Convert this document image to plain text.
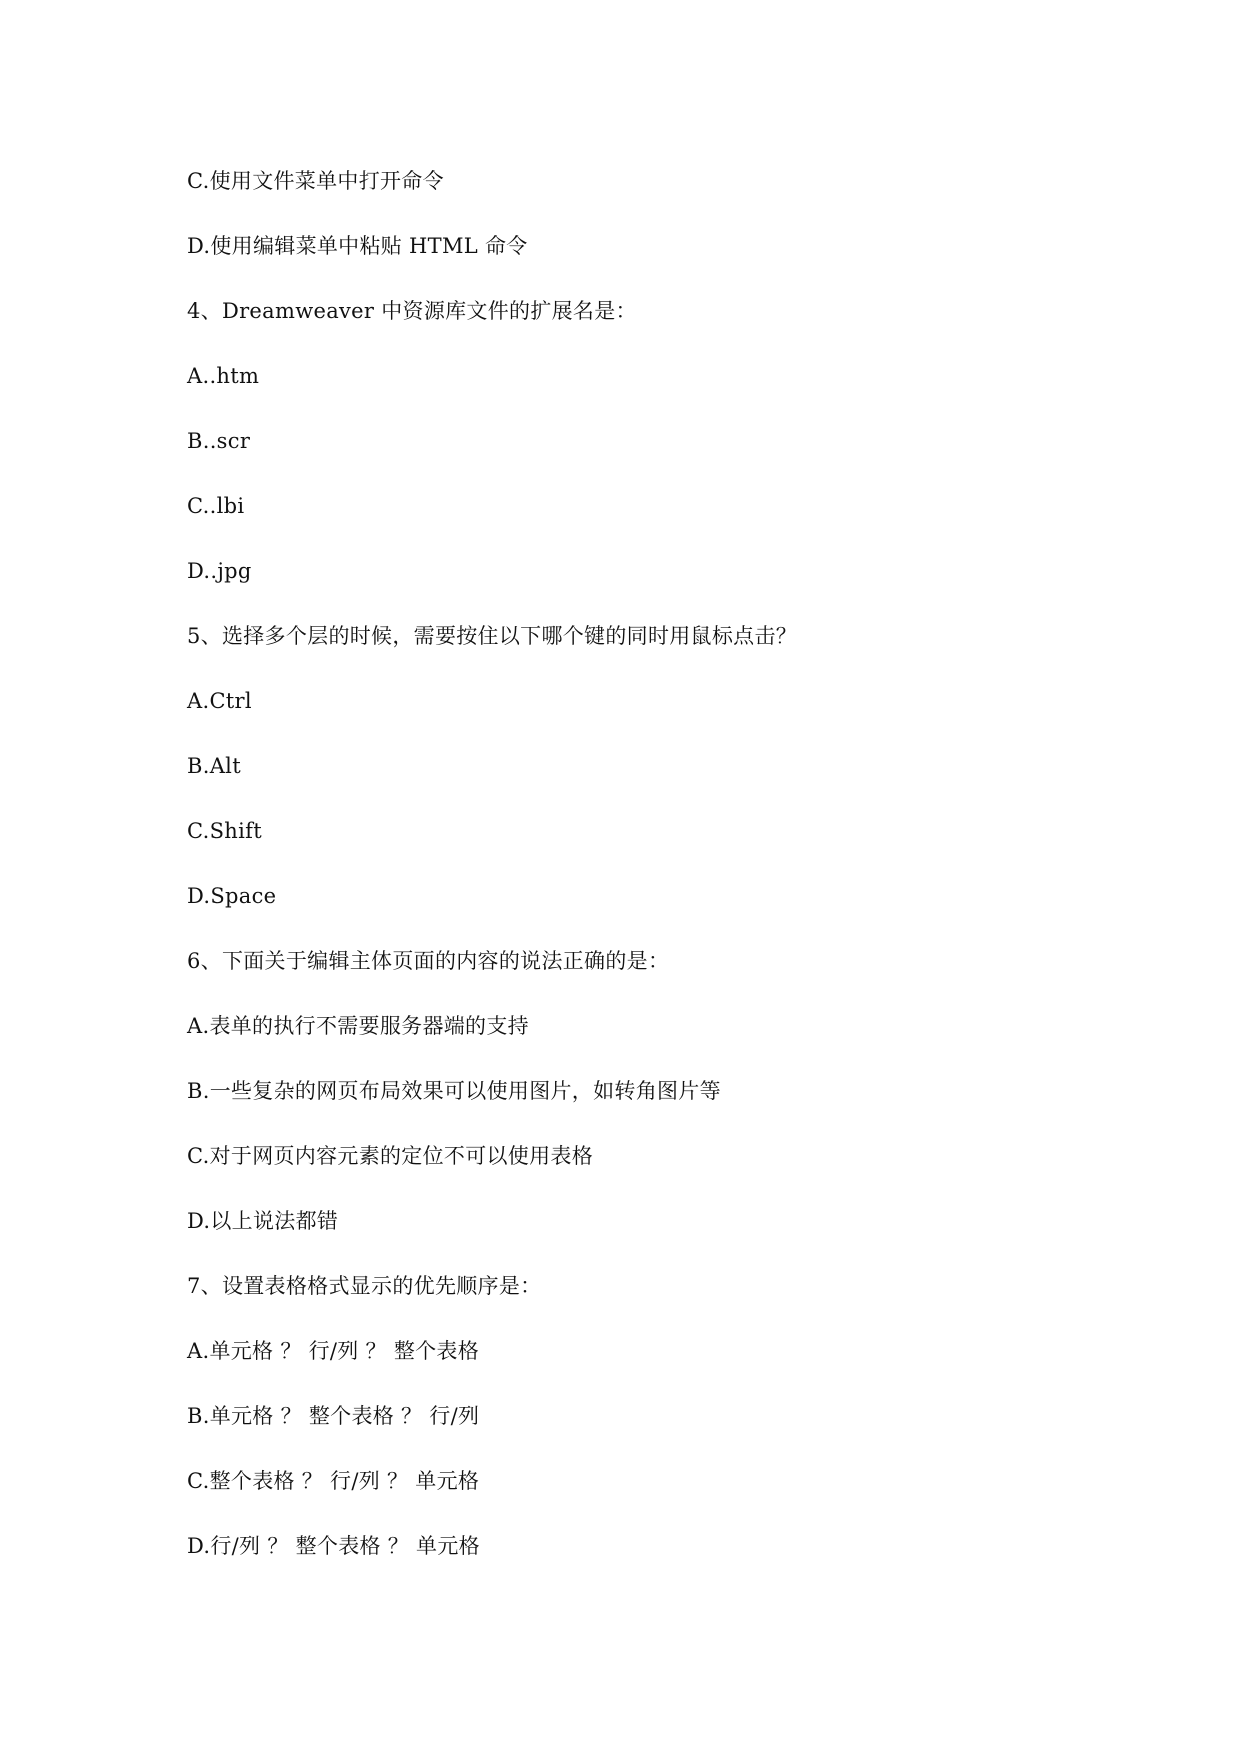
C.使用文件菜单中打开命令
D.使用编辑菜单中粘贴 HTML 命令
4、Dreamweaver 中资源库文件的扩展名是：
A..htm
B..scr
C..lbi
D..jpg
5、选择多个层的时候，需要按住以下哪个键的同时用鼠标点击？
A.Ctrl
B.Alt
C.Shift
D.Space
6、下面关于编辑主体页面的内容的说法正确的是：
A.表单的执行不需要服务器端的支持
B.一些复杂的网页布局效果可以使用图片，如转角图片等
C.对于网页内容元素的定位不可以使用表格
D.以上说法都错
7、设置表格格式显示的优先顺序是：
A.单元格 ？ 行/列 ？ 整个表格
B.单元格 ？ 整个表格 ？ 行/列
C.整个表格 ？ 行/列 ？ 单元格
D.行/列 ？ 整个表格 ？ 单元格
